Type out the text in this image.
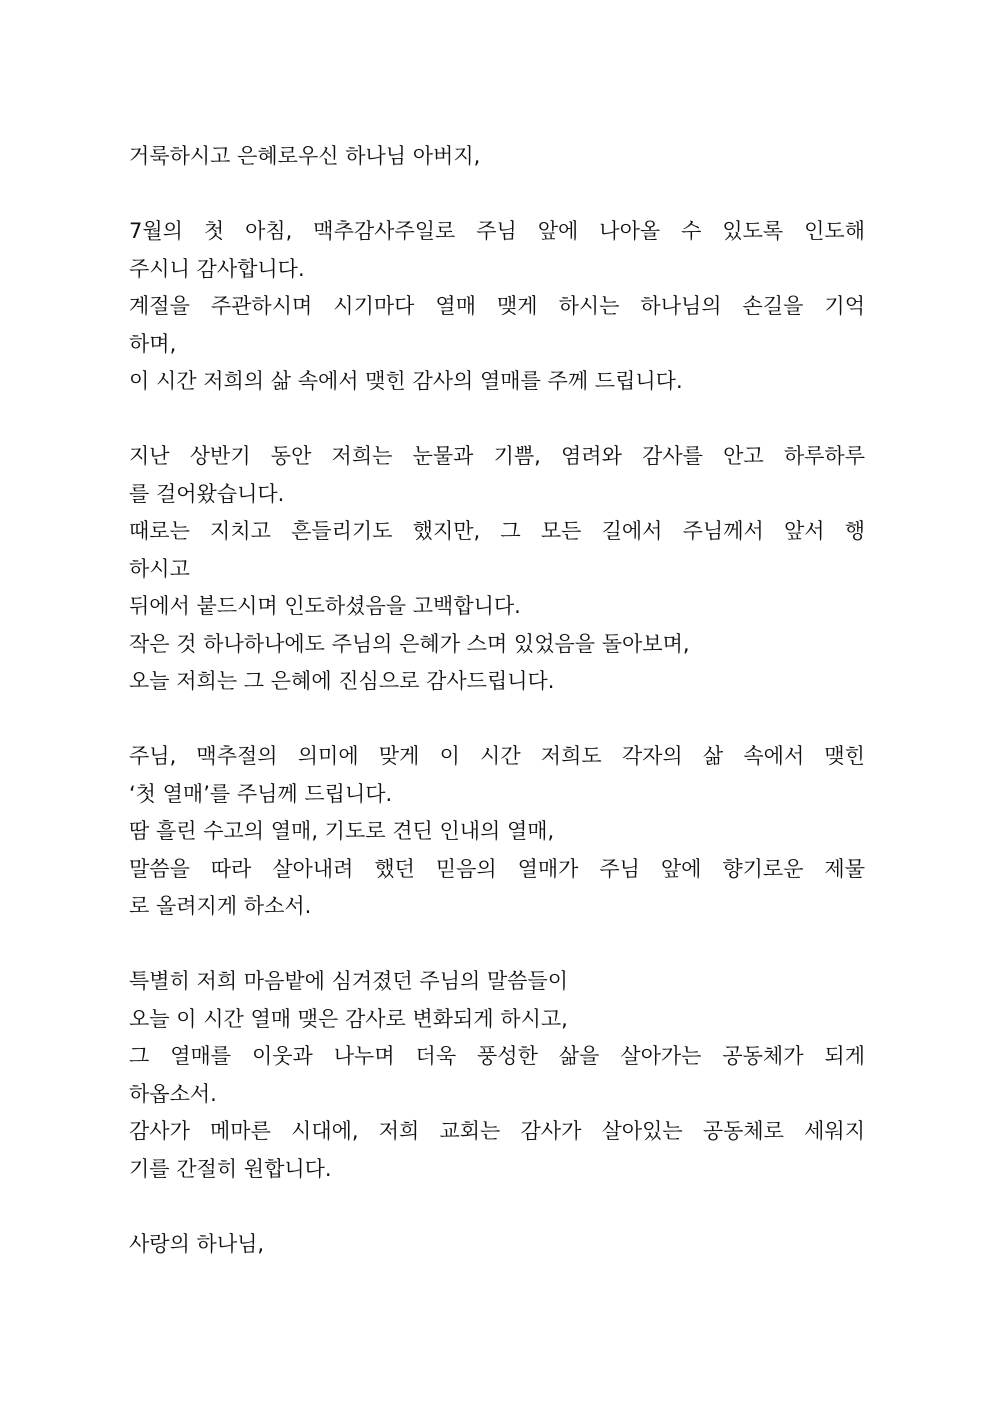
거룩하시고 은혜로우신 하나님 아버지,
7월의 첫 아침, 맥추감사주일로 주님 앞에 나아올 수 있도록 인도해
주시니 감사합니다.
계절을 주관하시며 시기마다 열매 맺게 하시는 하나님의 손길을 기억
하며,
이 시간 저희의 삶 속에서 맺힌 감사의 열매를 주께 드립니다.
지난 상반기 동안 저희는 눈물과 기쁨, 염려와 감사를 안고 하루하루
를 걸어왔습니다.
때로는 지치고 흔들리기도 했지만, 그 모든 길에서 주님께서 앞서 행
하시고
뒤에서 붙드시며 인도하셨음을 고백합니다.
작은 것 하나하나에도 주님의 은혜가 스며 있었음을 돌아보며,
오늘 저희는 그 은혜에 진심으로 감사드립니다.
주님, 맥추절의 의미에 맞게 이 시간 저희도 각자의 삶 속에서 맺힌
‘첫 열매’를 주님께 드립니다.
땀 흘린 수고의 열매, 기도로 견딘 인내의 열매,
말씀을 따라 살아내려 했던 믿음의 열매가 주님 앞에 향기로운 제물
로 올려지게 하소서.
특별히 저희 마음밭에 심겨졌던 주님의 말씀들이
오늘 이 시간 열매 맺은 감사로 변화되게 하시고,
그 열매를 이웃과 나누며 더욱 풍성한 삶을 살아가는 공동체가 되게
하옵소서.
감사가 메마른 시대에, 저희 교회는 감사가 살아있는 공동체로 세워지
기를 간절히 원합니다.
사랑의 하나님,
